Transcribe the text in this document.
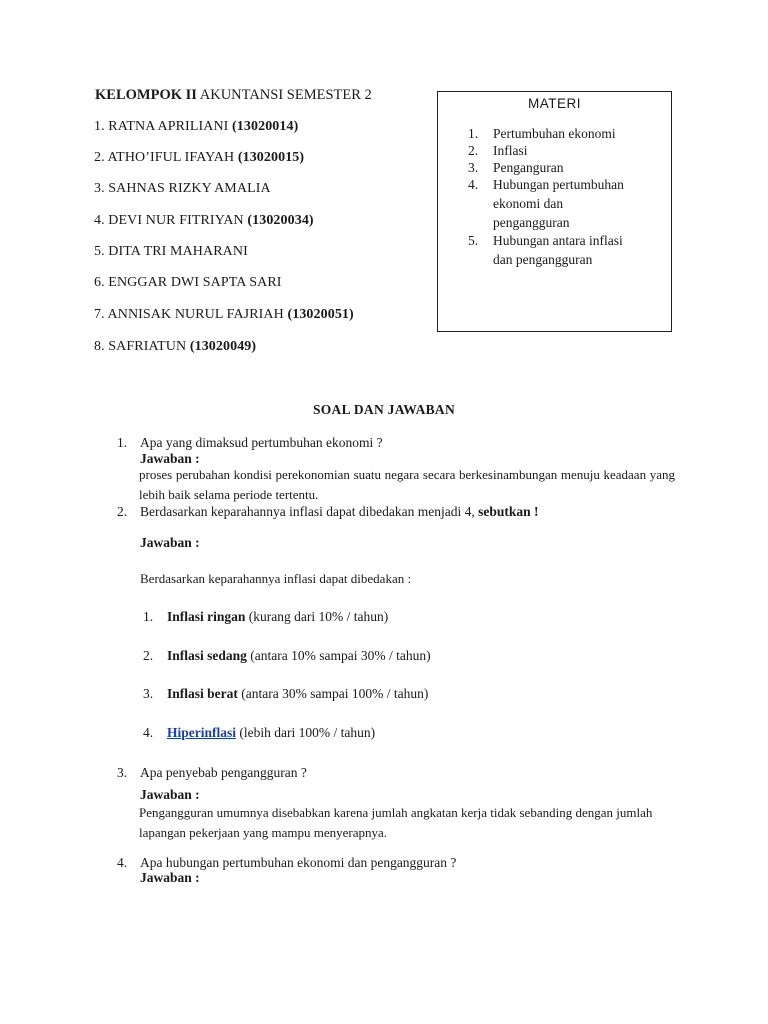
KELOMPOK II AKUNTANSI SEMESTER 2
1. RATNA APRILIANI (13020014)
2. ATHO’IFUL IFAYAH (13020015)
3. SAHNAS RIZKY AMALIA
4. DEVI NUR FITRIYAN (13020034)
5. DITA TRI MAHARANI
6. ENGGAR DWI SAPTA SARI
7. ANNISAK NURUL FAJRIAH (13020051)
8. SAFRIATUN (13020049)
MATERI
1. Pertumbuhan ekonomi
2. Inflasi
3. Penganguran
4. Hubungan pertumbuhan
ekonomi dan
pengangguran
5. Hubungan antara inflasi
dan pengangguran
SOAL DAN JAWABAN
1. Apa yang dimaksud pertumbuhan ekonomi ?
Jawaban :
proses perubahan kondisi perekonomian suatu negara secara berkesinambungan menuju keadaan yang lebih baik selama periode tertentu.
2. Berdasarkan keparahannya inflasi dapat dibedakan menjadi 4, sebutkan !
Jawaban :
Berdasarkan keparahannya inflasi dapat dibedakan :
1. Inflasi ringan (kurang dari 10% / tahun)
2. Inflasi sedang (antara 10% sampai 30% / tahun)
3. Inflasi berat (antara 30% sampai 100% / tahun)
4. Hiperinflasi (lebih dari 100% / tahun)
3. Apa penyebab pengangguran ?
Jawaban :
Pengangguran umumnya disebabkan karena jumlah angkatan kerja tidak sebanding dengan jumlah lapangan pekerjaan yang mampu menyerapnya.
4. Apa hubungan pertumbuhan ekonomi dan pengangguran ?
Jawaban :
